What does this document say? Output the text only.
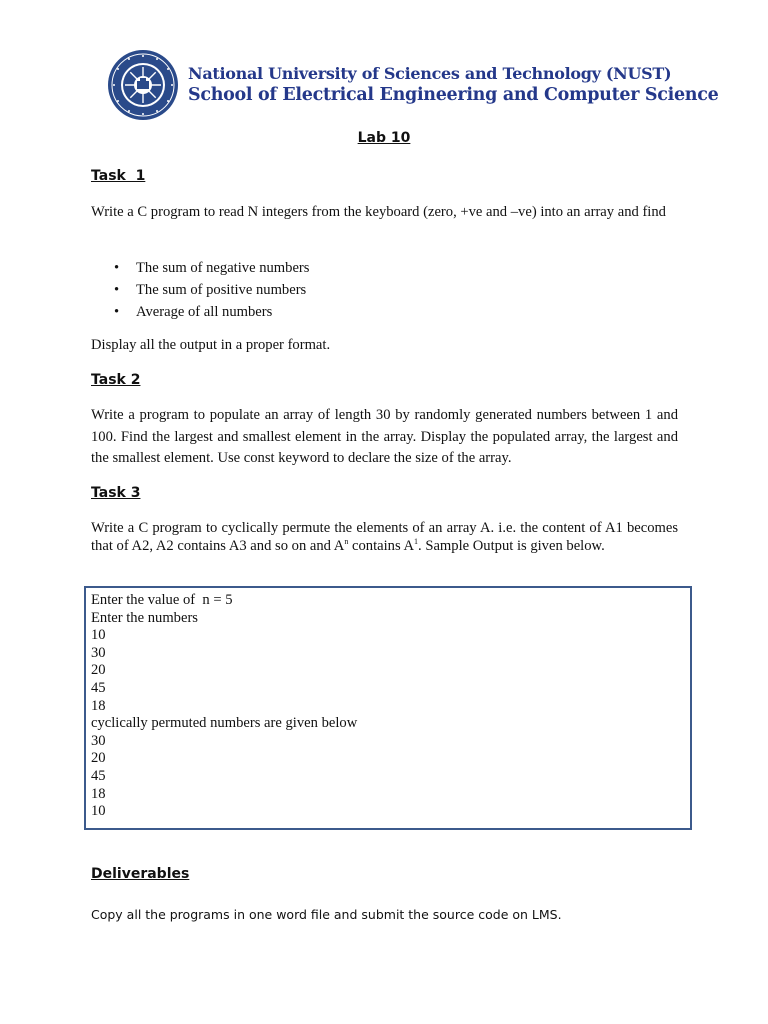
National University of Sciences and Technology (NUST)
School of Electrical Engineering and Computer Science
Lab 10
Task  1

Write a C program to read N integers from the keyboard (zero, +ve and –ve) into an array and find

• The sum of negative numbers
• The sum of positive numbers
• Average of all numbers

Display all the output in a proper format.

Task 2

Write a program to populate an array of length 30 by randomly generated numbers between 1 and 100. Find the largest and smallest element in the array. Display the populated array, the largest and the smallest element. Use const keyword to declare the size of the array.

Task 3

Write a C program to cyclically permute the elements of an array A. i.e. the content of A1 becomes that of A2, A2 contains A3 and so on and $A^n$ contains $A^1$. Sample Output is given below.

Enter the value of  n = 5
Enter the numbers
10
30
20
45
18
cyclically permuted numbers are given below
30
20
45
18
10
Deliverables
Copy all the programs in one word file and submit the source code on LMS.
